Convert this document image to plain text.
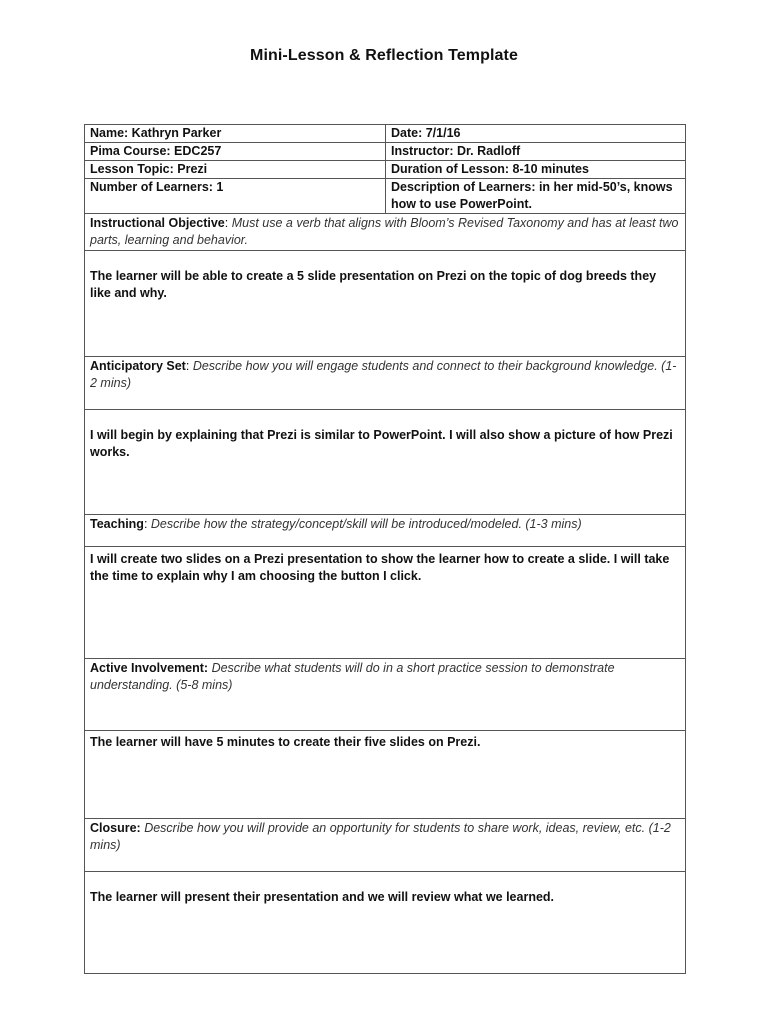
Mini-Lesson & Reflection Template
Name: Kathryn Parker	Date: 7/1/16
Pima Course: EDC257	Instructor: Dr. Radloff
Lesson Topic: Prezi	Duration of Lesson: 8-10 minutes
Number of Learners: 1	Description of Learners: in her mid-50’s, knows how to use PowerPoint.
Instructional Objective: Must use a verb that aligns with Bloom’s Revised Taxonomy and has at least two parts, learning and behavior.	

The learner will be able to create a 5 slide presentation on Prezi on the topic of dog breeds they like and why.	

Anticipatory Set: Describe how you will engage students and connect to their background knowledge. (1-2 mins)	

I will begin by explaining that Prezi is similar to PowerPoint. I will also show a picture of how Prezi works.	

Teaching: Describe how the strategy/concept/skill will be introduced/modeled. (1-3 mins)	

I will create two slides on a Prezi presentation to show the learner how to create a slide. I will take the time to explain why I am choosing the button I click.	

Active Involvement: Describe what students will do in a short practice session to demonstrate understanding. (5-8 mins)	

The learner will have 5 minutes to create their five slides on Prezi.	

Closure: Describe how you will provide an opportunity for students to share work, ideas, review, etc. (1-2 mins)	

The learner will present their presentation and we will review what we learned.	
